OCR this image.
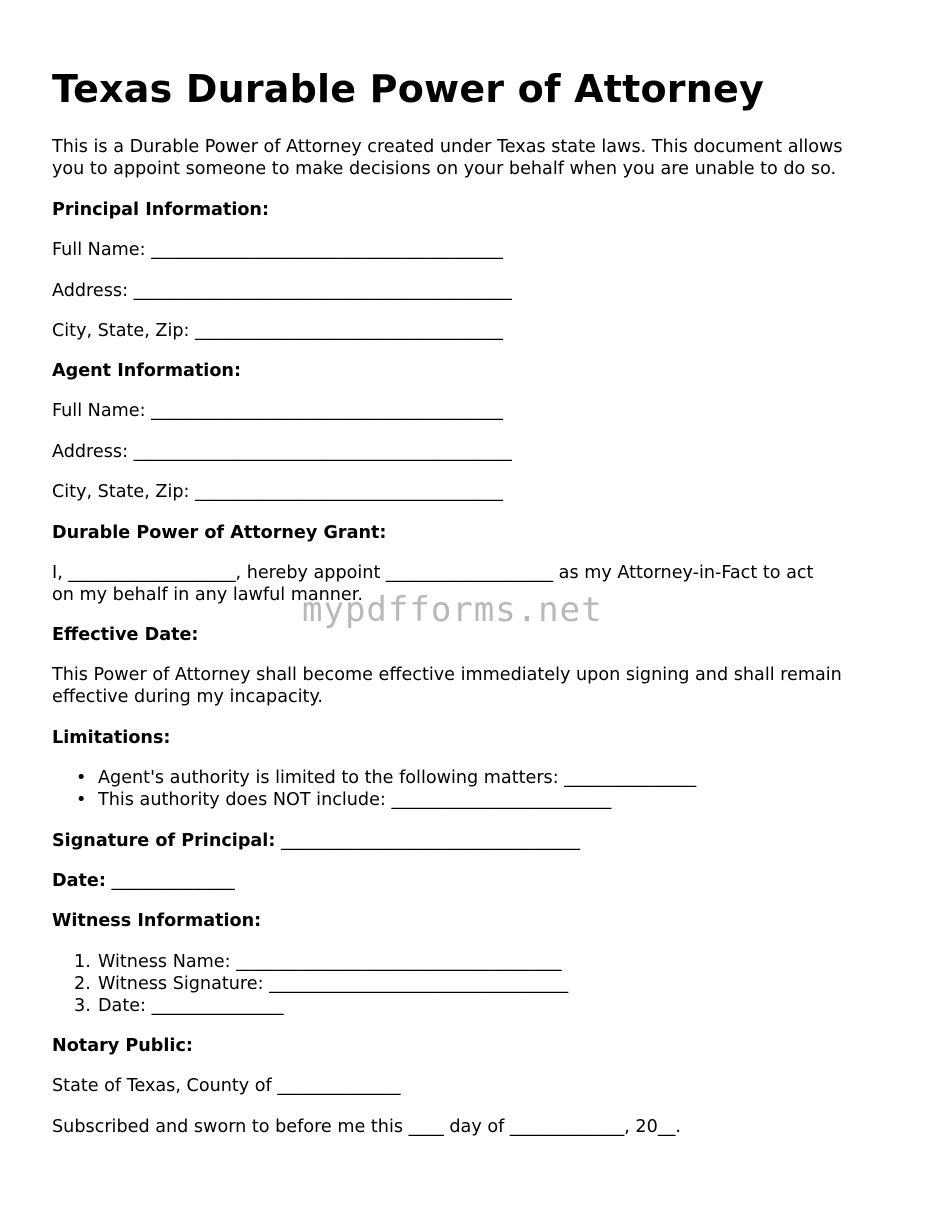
Texas Durable Power of Attorney

This is a Durable Power of Attorney created under Texas state laws. This document allows

you to appoint someone to make decisions on your behalf when you are unable to do so.

Principal Information:

Full Name: ________________________________________

Address: ___________________________________________

City, State, Zip: ___________________________________

Agent Information:

Full Name: ________________________________________

Address: ___________________________________________

City, State, Zip: ___________________________________

Durable Power of Attorney Grant:

I, ___________________, hereby appoint ___________________ as my Attorney-in-Fact to act

on my behalf in any lawful manner.

Effective Date:

This Power of Attorney shall become effective immediately upon signing and shall remain

effective during my incapacity.

Limitations:

• Agent's authority is limited to the following matters: _______________
• This authority does NOT include: _________________________

Signature of Principal: __________________________________

Date: ______________

Witness Information:

1. Witness Name: _____________________________________
2. Witness Signature: __________________________________
3. Date: _______________

Notary Public:

State of Texas, County of ______________

Subscribed and sworn to before me this ____ day of _____________, 20__.

mypdfforms.net
